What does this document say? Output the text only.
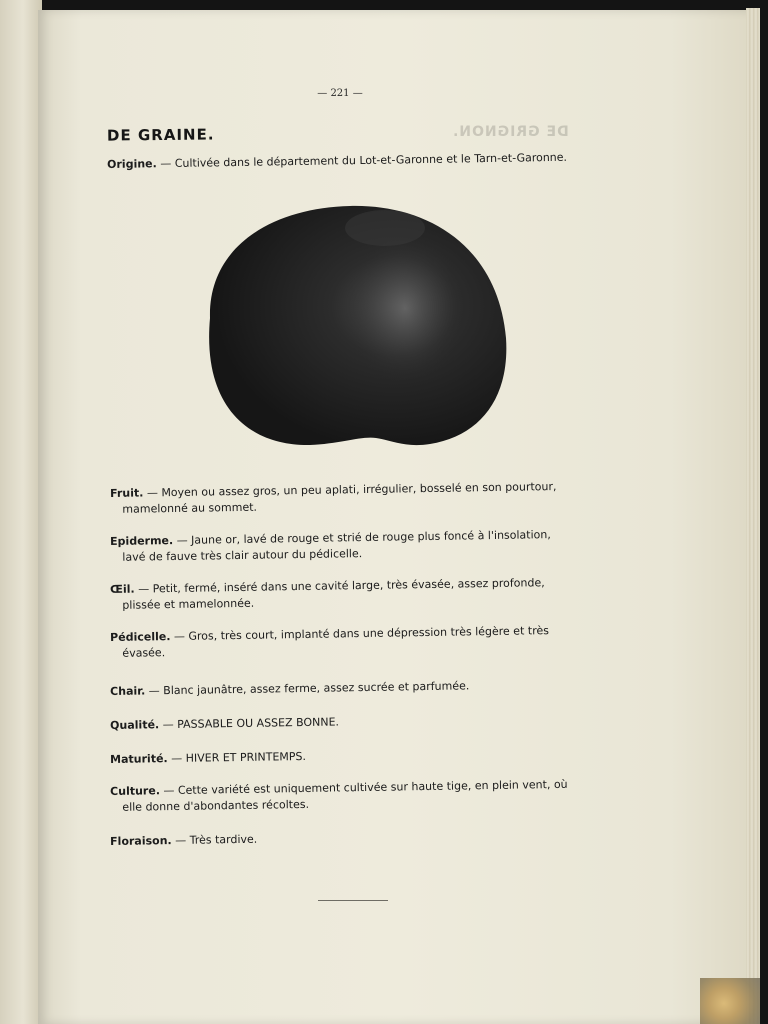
— 221 —
DE GRAINE.	DE GRIGNON.
Origine. — Cultivée dans le département du Lot-et-Garonne et le Tarn-et-Garonne.
Fruit. — Moyen ou assez gros, un peu aplati, irrégulier, bosselé en son pourtour,
mamelonné au sommet.
Epiderme. — Jaune or, lavé de rouge et strié de rouge plus foncé à l'insolation,
lavé de fauve très clair autour du pédicelle.
Œil. — Petit, fermé, inséré dans une cavité large, très évasée, assez profonde,
plissée et mamelonnée.
Pédicelle. — Gros, très court, implanté dans une dépression très légère et très
évasée.
Chair. — Blanc jaunâtre, assez ferme, assez sucrée et parfumée.
Qualité. — PASSABLE OU ASSEZ BONNE.
Maturité. — HIVER ET PRINTEMPS.
Culture. — Cette variété est uniquement cultivée sur haute tige, en plein vent, où
elle donne d'abondantes récoltes.
Floraison. — Très tardive.
